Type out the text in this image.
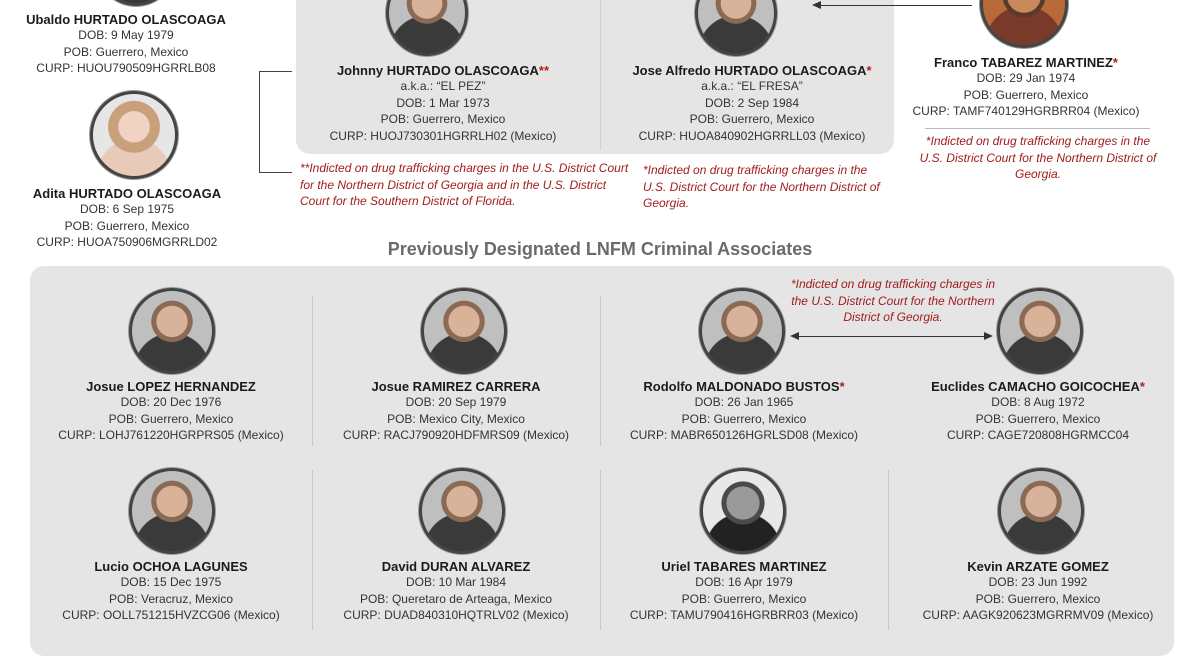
Ubaldo HURTADO OLASCOAGA
DOB: 9 May 1979
POB: Guerrero, Mexico
CURP: HUOU790509HGRRLB08
Adita HURTADO OLASCOAGA
DOB: 6 Sep 1975
POB: Guerrero, Mexico
CURP: HUOA750906MGRRLD02
Johnny HURTADO OLASCOAGA**
a.k.a.: “EL PEZ”
DOB: 1 Mar 1973
POB: Guerrero, Mexico
CURP: HUOJ730301HGRRLH02 (Mexico)
Jose Alfredo HURTADO OLASCOAGA*
a.k.a.: “EL FRESA”
DOB: 2 Sep 1984
POB: Guerrero, Mexico
CURP: HUOA840902HGRRLL03 (Mexico)
Franco TABAREZ MARTINEZ*
DOB: 29 Jan 1974
POB: Guerrero, Mexico
CURP: TAMF740129HGRBRR04 (Mexico)
**Indicted on drug trafficking charges in the U.S. District Court for the Northern District of Georgia and in the U.S. District Court for the Southern District of Florida.
*Indicted on drug trafficking charges in the U.S. District Court for the Northern District of Georgia.
*Indicted on drug trafficking charges in the U.S. District Court for the Northern District of Georgia.
Previously Designated LNFM Criminal Associates
*Indicted on drug trafficking charges in the U.S. District Court for the Northern District of Georgia.
Josue LOPEZ HERNANDEZ
DOB: 20 Dec 1976
POB: Guerrero, Mexico
CURP: LOHJ761220HGRPRS05 (Mexico)
Josue RAMIREZ CARRERA
DOB: 20 Sep 1979
POB: Mexico City, Mexico
CURP: RACJ790920HDFMRS09 (Mexico)
Rodolfo MALDONADO BUSTOS*
DOB: 26 Jan 1965
POB: Guerrero, Mexico
CURP: MABR650126HGRLSD08 (Mexico)
Euclides CAMACHO GOICOCHEA*
DOB: 8 Aug 1972
POB: Guerrero, Mexico
CURP: CAGE720808HGRMCC04
Lucio OCHOA LAGUNES
DOB: 15 Dec 1975
POB: Veracruz, Mexico
CURP: OOLL751215HVZCG06 (Mexico)
David DURAN ALVAREZ
DOB: 10 Mar 1984
POB: Queretaro de Arteaga, Mexico
CURP: DUAD840310HQTRLV02 (Mexico)
Uriel TABARES MARTINEZ
DOB: 16 Apr 1979
POB: Guerrero, Mexico
CURP: TAMU790416HGRBRR03 (Mexico)
Kevin ARZATE GOMEZ
DOB: 23 Jun 1992
POB: Guerrero, Mexico
CURP: AAGK920623MGRRMV09 (Mexico)
